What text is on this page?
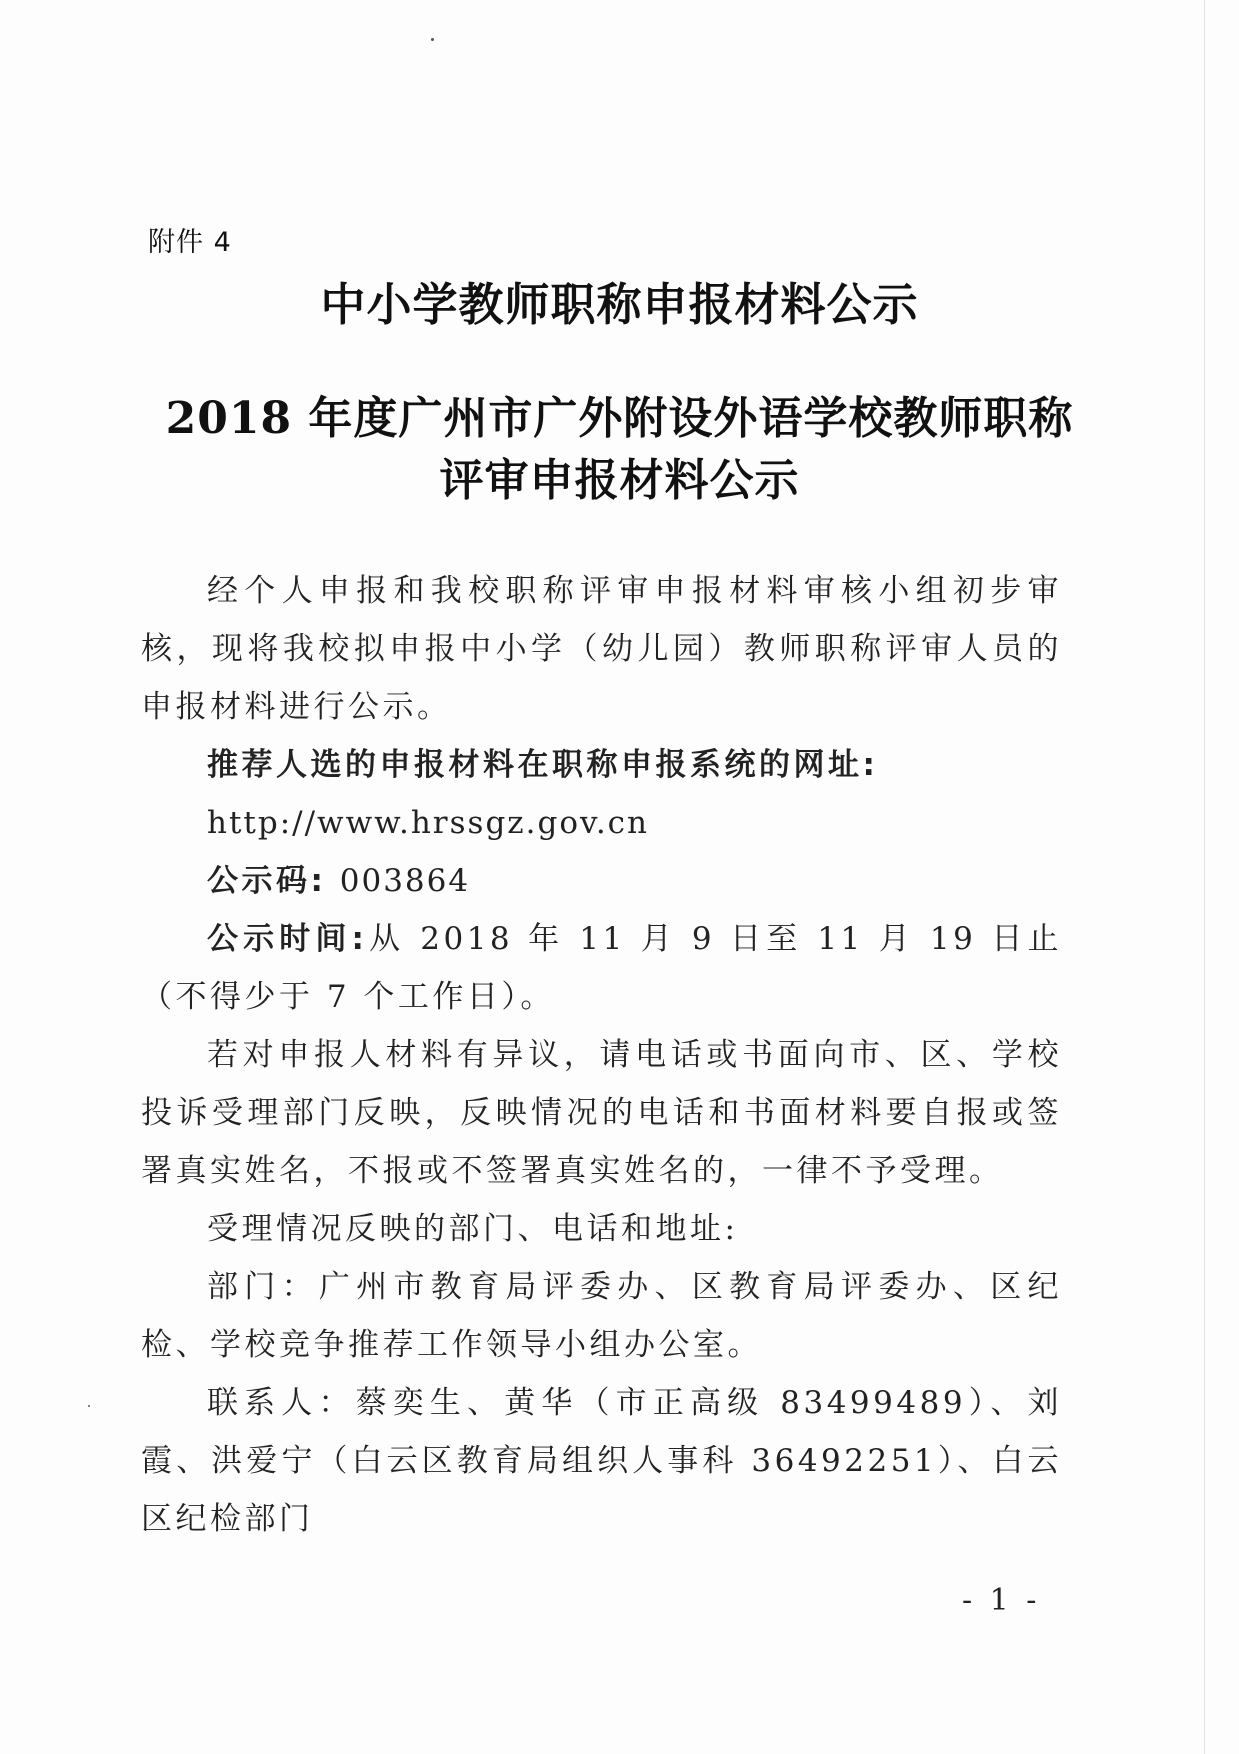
附件 4
中小学教师职称申报材料公示
2018 年度广州市广外附设外语学校教师职称
评审申报材料公示
经个人申报和我校职称评审申报材料审核小组初步审核，现将我校拟申报中小学（幼儿园）教师职称评审人员的申报材料进行公示。
推荐人选的申报材料在职称申报系统的网址:
http://www.hrssgz.gov.cn
公示码: 003864
公示时间:从 2018 年 11 月 9 日至 11 月 19 日止（不得少于 7 个工作日）。
若对申报人材料有异议，请电话或书面向市、区、学校投诉受理部门反映，反映情况的电话和书面材料要自报或签署真实姓名，不报或不签署真实姓名的，一律不予受理。
受理情况反映的部门、电话和地址:
部门：广州市教育局评委办、区教育局评委办、区纪检、学校竞争推荐工作领导小组办公室。
联系人：蔡奕生、黄华（市正高级 83499489）、刘霞、洪爱宁（白云区教育局组织人事科 36492251）、白云区纪检部门
- 1 -
